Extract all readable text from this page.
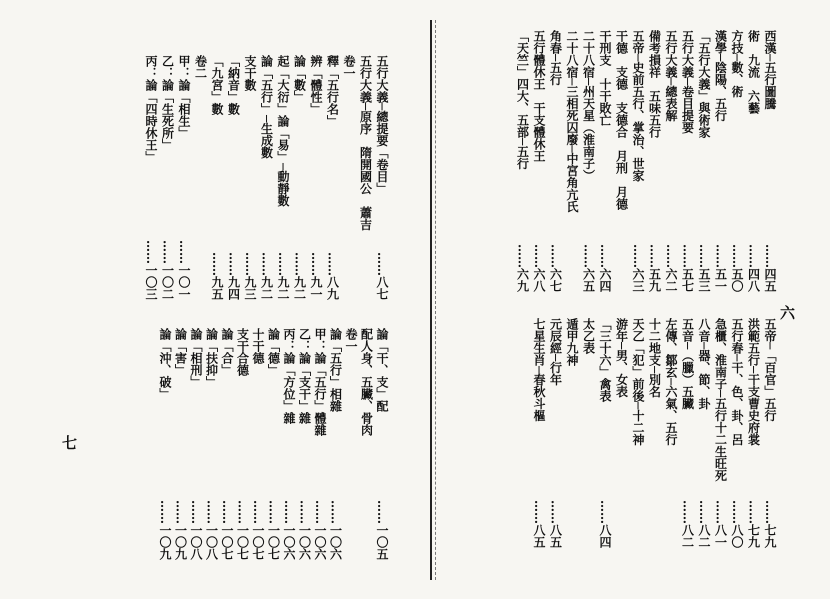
七
六
五行大義─總提要「卷目」
……八七
五行大義─原序　隋開國公　蕭吉
卷一
釋「五行名」
……八九
辨「體性」
……九一
論「數」
……九二
起「大衍」論「易」─動靜數
……九二
論「五行」─生成數
……九二
支干數
……九三
「納音」數
……九四
「九宮」數
……九五
卷二
甲：論「相生」
……一〇一
乙：論「生死所」
……一〇二
丙：論「四時休王」
……一〇三
論「干、支」配
……一〇五
配人身、五臟、骨肉
卷一
論「五行」相雜
……一〇六
甲：論「五行」體雜
……一〇六
乙：論「支干」雜
……一〇六
丙：論「方位」雜
……一〇六
論「德」
……一〇七
十干德
……一〇七
支干合德
……一〇七
論「合」
……一〇七
論「扶抑」
……一〇八
論「相刑」
……一〇八
論「害」
……一〇九
論「沖、破」
……一〇九
西漢─五行圖騰
……四五
術　九流　六藝
……四八
方技─數、術
……五〇
漢學─陰陽、五行
……五一
「五行大義」與術家
……五三
五行大義─卷目提要
……五七
五行大義─總表解
……六二
備考損祥　五味五行
……五九
五帝─史前五行、掌治、世家
……六三
干德　支德　支德合　月刑　月德
干刑支　十干敗亡
……六四
二十八宿─州天星（淮南子）
……六五
二十八宿─三相死囚廢─中宮角亢氏
角春─五行
……六七
五行體休王　干支體休王
……六八
「天竺」四大、五部─五行
……六九
五帝─「百官」五行
……七九
洪範五行─干支曹史府裳
……七九
五行春─干、色、卦、呂
……八〇
急櫃、淮南子─五行十二生旺死
……八一
八音─器、節、卦
……八二
五音─（臘）五臟
……八二
左傳、鄒玄─六氣、五行
十二地支─別名
天乙「犯」前後─十二神
游年─男、女表
「三十六」禽表
……八四
太乙表
遁甲九神
元辰經─行年
……八五
七星生肖─春秋斗樞
……八五
